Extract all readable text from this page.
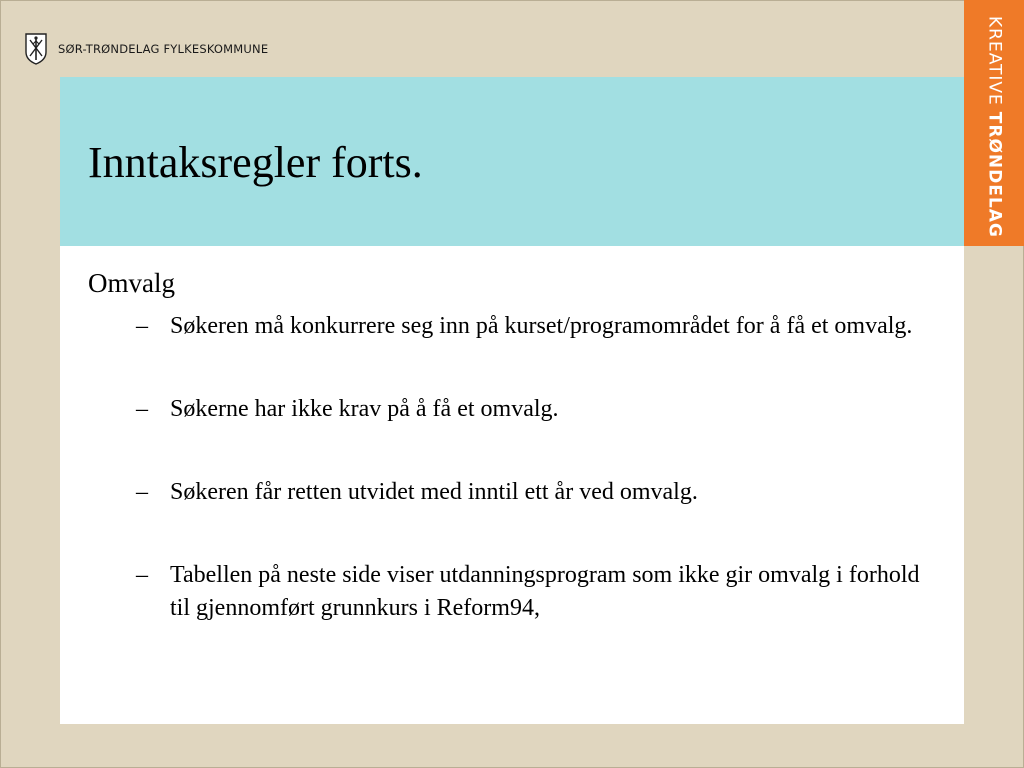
SØR-TRØNDELAG FYLKESKOMMUNE	KREATIVETRØNDELAG
Inntaksregler forts.
Omvalg
– Søkeren må konkurrere seg inn på kurset/programområdet for å få et omvalg.
– Søkerne har ikke krav på å få et omvalg.
– Søkeren får retten utvidet med inntil ett år ved omvalg.
– Tabellen på neste side viser utdanningsprogram som ikke gir omvalg i forhold til gjennomført grunnkurs i Reform94,
